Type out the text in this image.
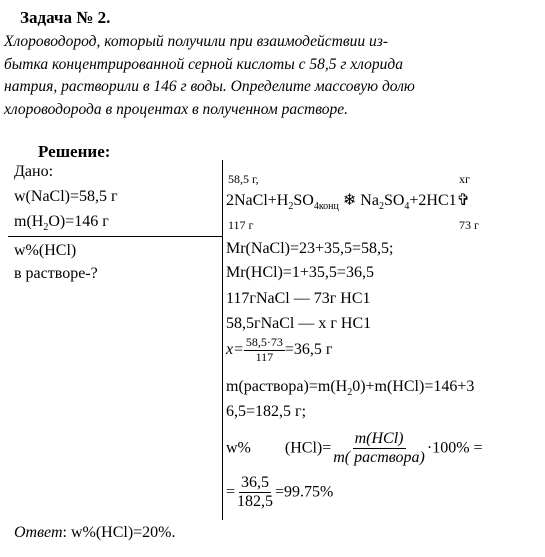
Задача № 2.
Хлороводород, который получили при взаимодействии из-
бытка концентрированной серной кислоты с 58,5 г хлорида
натрия, растворили в 146 г воды. Определите массовую долю
хлороводорода в процентах в полученном растворе.
Решение:
Дано:
w(NaCl)=58,5 г
$m(H_2O)=146$ г
w%(HCl)
в растворе-?
58,5 г,	хг
$2NaCl+H_2SO_{4конц}$ ❄ $Na_2SO_4+2HC1✞$
117 г	73 г
Mr(NaCl)=23+35,5=58,5;
Mr(HCl)=1+35,5=36,5
117гNaCl — 73г НС1
58,5гNaCl — х г НС1
$x= \frac{58,5\cdot 73}{117} =36,5$ г
$m(раствора)=m(H_20)+m(HCl)=146+3$
6,5=182,5 г;
w% $(HCl)= \frac{\text{m(HCl)}}{\text{m( раствора)}} \cdot 100\%$ =
= $\frac{36,5}{182,5} =99.75\%$
Ответ: w%(HCl)=20%.
